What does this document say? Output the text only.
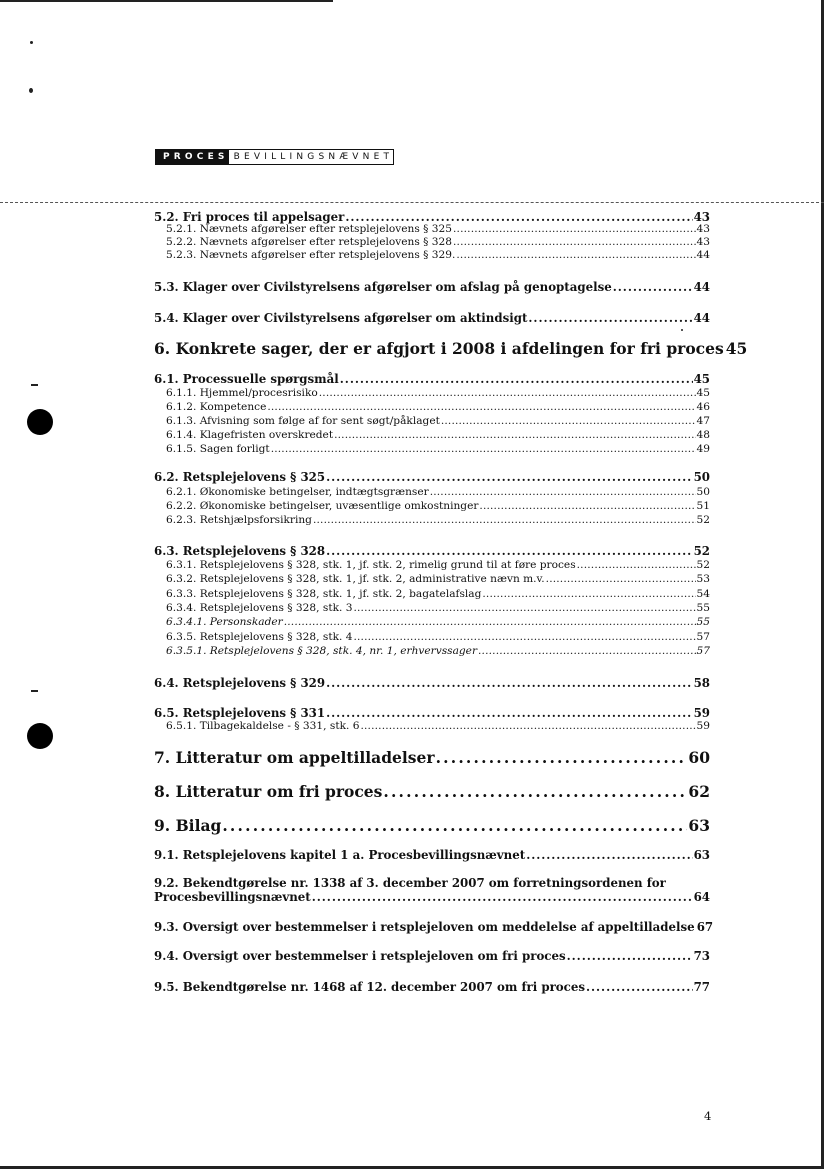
PROCES BEVILLINGSNÆVNET
5.2. Fri proces til appelsager . . .	43
5.2.1. Nævnets afgørelser efter retsplejelovens § 325 . . .	43
5.2.2. Nævnets afgørelser efter retsplejelovens § 328 . . .	43
5.2.3. Nævnets afgørelser efter retsplejelovens § 329. . . .	44
5.3. Klager over Civilstyrelsens afgørelser om afslag på genoptagelse . . .	44
5.4. Klager over Civilstyrelsens afgørelser om aktindsigt . . .	44
6. Konkrete sager, der er afgjort i 2008 i afdelingen for fri proces 45
6.1. Processuelle spørgsmål . . .	45
6.1.1. Hjemmel/procesrisiko . . .	45
6.1.2. Kompetence . . .	46
6.1.3. Afvisning som følge af for sent søgt/påklaget . . .	47
6.1.4. Klagefristen overskredet . . .	48
6.1.5. Sagen forligt . . .	49
6.2. Retsplejelovens § 325 . . .	50
6.2.1. Økonomiske betingelser, indtægtsgrænser . . .	50
6.2.2. Økonomiske betingelser, uvæsentlige omkostninger . . .	51
6.2.3. Retshjælpsforsikring . . .	52
6.3. Retsplejelovens § 328 . . .	52
6.3.1. Retsplejelovens § 328, stk. 1, jf. stk. 2, rimelig grund til at føre proces . . .	52
6.3.2. Retsplejelovens § 328, stk. 1, jf. stk. 2, administrative nævn m.v. . . .	53
6.3.3. Retsplejelovens § 328, stk. 1, jf. stk. 2, bagatelafslag . . .	54
6.3.4. Retsplejelovens § 328, stk. 3 . . .	55
6.3.4.1. Personskader . . .	55
6.3.5. Retsplejelovens § 328, stk. 4 . . .	57
6.3.5.1. Retsplejelovens § 328, stk. 4, nr. 1, erhvervssager . . .	57
6.4. Retsplejelovens § 329 . . .	58
6.5. Retsplejelovens § 331 . . .	59
6.5.1. Tilbagekaldelse - § 331, stk. 6 . . .	59
7. Litteratur om appeltilladelser . . .	60
8. Litteratur om fri proces . . .	62
9. Bilag . . .	63
9.1. Retsplejelovens kapitel 1 a. Procesbevillingsnævnet . . .	63
9.2. Bekendtgørelse nr. 1338 af 3. december 2007 om forretningsordenen for
Procesbevillingsnævnet . . .	64
9.3. Oversigt over bestemmelser i retsplejeloven om meddelelse af appeltilladelse 67
9.4. Oversigt over bestemmelser i retsplejeloven om fri proces . . .	73
9.5. Bekendtgørelse nr. 1468 af 12. december 2007 om fri proces . . .	77
4
